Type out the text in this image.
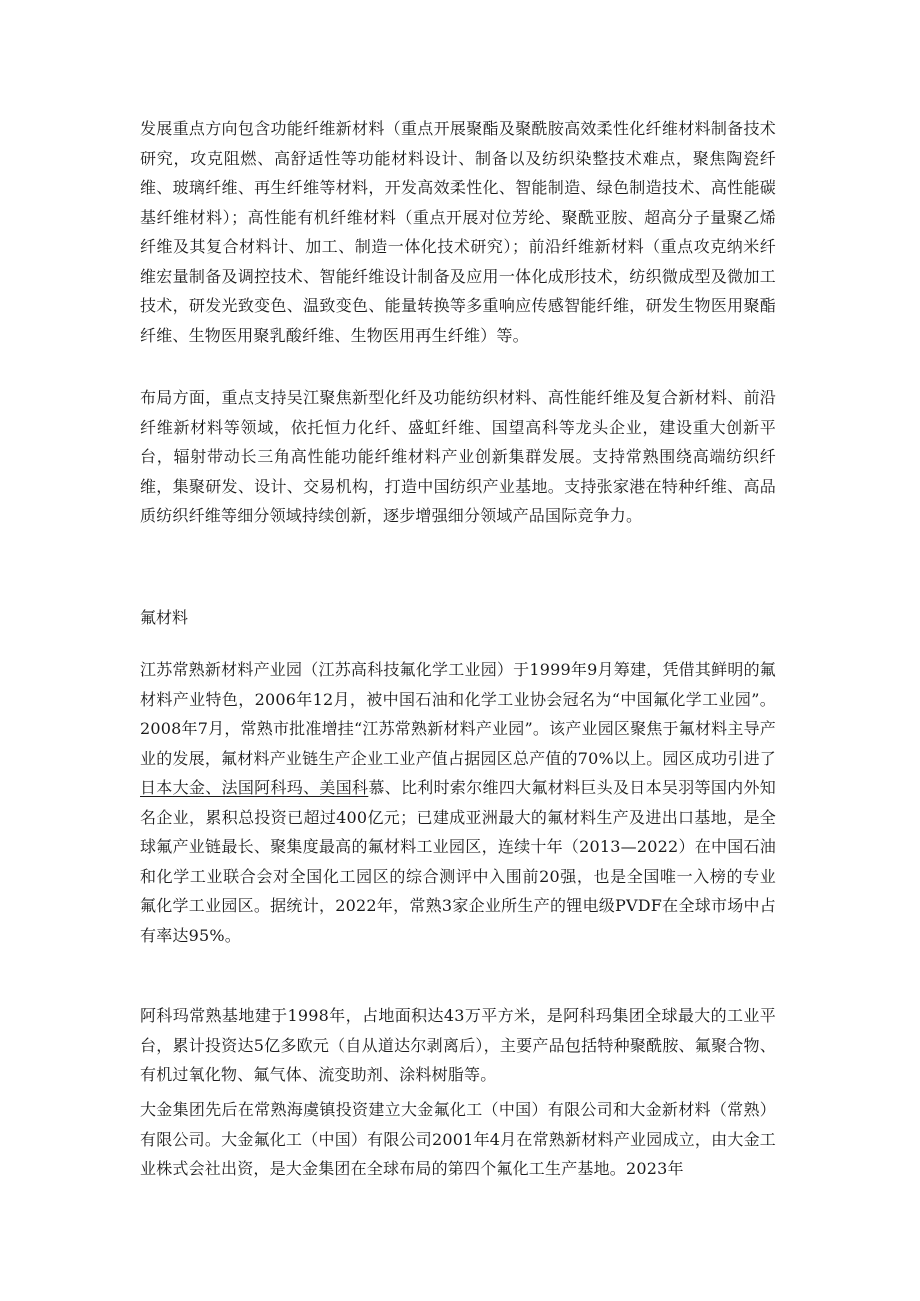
发展重点方向包含功能纤维新材料（重点开展聚酯及聚酰胺高效柔性化纤维材料制备技术研究，攻克阻燃、高舒适性等功能材料设计、制备以及纺织染整技术难点，聚焦陶瓷纤维、玻璃纤维、再生纤维等材料，开发高效柔性化、智能制造、绿色制造技术、高性能碳基纤维材料）；高性能有机纤维材料（重点开展对位芳纶、聚酰亚胺、超高分子量聚乙烯纤维及其复合材料计、加工、制造一体化技术研究）；前沿纤维新材料（重点攻克纳米纤维宏量制备及调控技术、智能纤维设计制备及应用一体化成形技术，纺织微成型及微加工技术，研发光致变色、温致变色、能量转换等多重响应传感智能纤维，研发生物医用聚酯纤维、生物医用聚乳酸纤维、生物医用再生纤维）等。

布局方面，重点支持吴江聚焦新型化纤及功能纺织材料、高性能纤维及复合新材料、前沿纤维新材料等领域，依托恒力化纤、盛虹纤维、国望高科等龙头企业，建设重大创新平台，辐射带动长三角高性能功能纤维材料产业创新集群发展。支持常熟围绕高端纺织纤维，集聚研发、设计、交易机构，打造中国纺织产业基地。支持张家港在特种纤维、高品质纺织纤维等细分领域持续创新，逐步增强细分领域产品国际竞争力。

氟材料

江苏常熟新材料产业园（江苏高科技氟化学工业园）于1999年9月筹建，凭借其鲜明的氟材料产业特色，2006年12月，被中国石油和化学工业协会冠名为“中国氟化学工业园”。2008年7月，常熟市批准增挂“江苏常熟新材料产业园”。该产业园区聚焦于氟材料主导产业的发展，氟材料产业链生产企业工业产值占据园区总产值的70%以上。园区成功引进了日本大金、法国阿科玛、美国科慕、比利时索尔维四大氟材料巨头及日本吴羽等国内外知名企业，累积总投资已超过400亿元；已建成亚洲最大的氟材料生产及进出口基地，是全球氟产业链最长、聚集度最高的氟材料工业园区，连续十年（2013—2022）在中国石油和化学工业联合会对全国化工园区的综合测评中入围前20强，也是全国唯一入榜的专业氟化学工业园区。据统计，2022年，常熟3家企业所生产的锂电级PVDF在全球市场中占有率达95%。

阿科玛常熟基地建于1998年，占地面积达43万平方米，是阿科玛集团全球最大的工业平台，累计投资达5亿多欧元（自从道达尔剥离后），主要产品包括特种聚酰胺、氟聚合物、有机过氧化物、氟气体、流变助剂、涂料树脂等。

大金集团先后在常熟海虞镇投资建立大金氟化工（中国）有限公司和大金新材料（常熟）有限公司。大金氟化工（中国）有限公司2001年4月在常熟新材料产业园成立，由大金工业株式会社出资，是大金集团在全球布局的第四个氟化工生产基地。2023年
